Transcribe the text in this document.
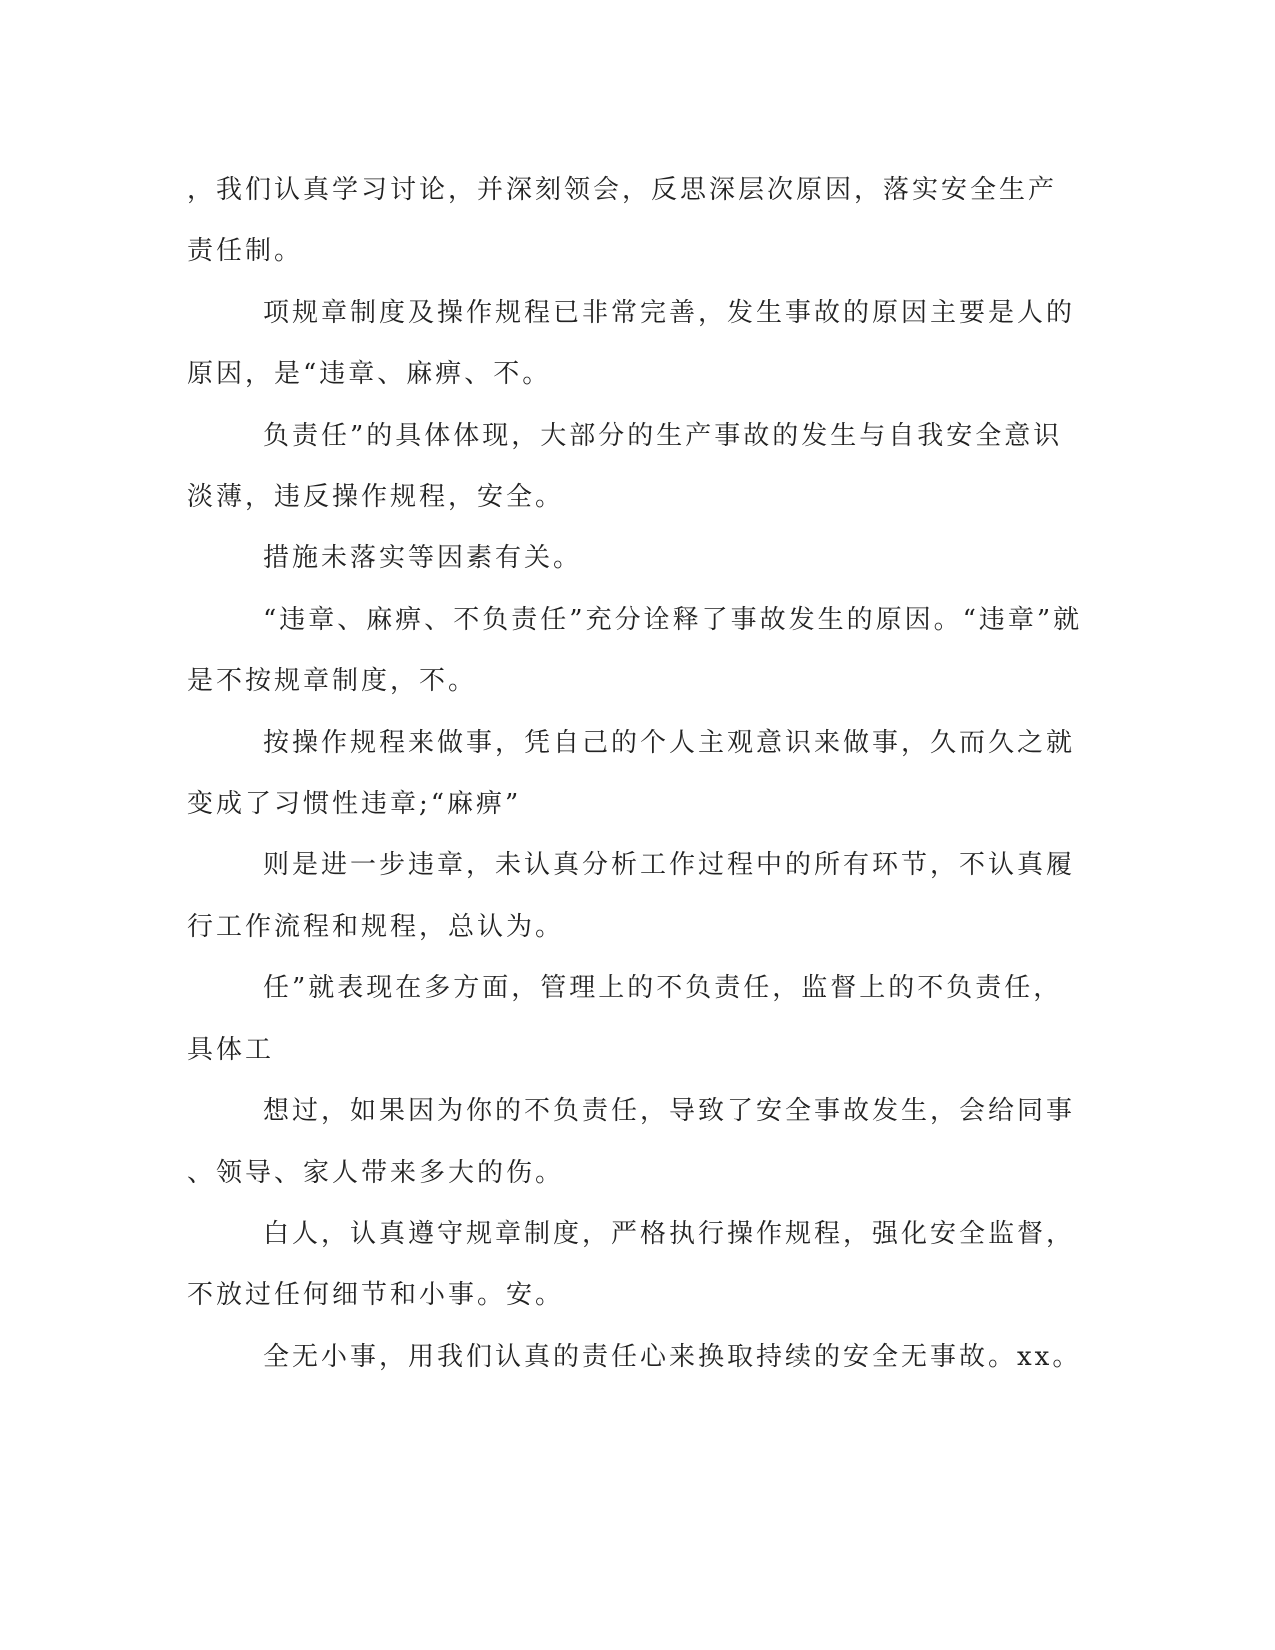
，我们认真学习讨论，并深刻领会，反思深层次原因，落实安全生产

责任制。

项规章制度及操作规程已非常完善，发生事故的原因主要是人的

原因，是“违章、麻痹、不。

负责任”的具体体现，大部分的生产事故的发生与自我安全意识

淡薄，违反操作规程，安全。

措施未落实等因素有关。

“违章、麻痹、不负责任”充分诠释了事故发生的原因。“违章”就

是不按规章制度，不。

按操作规程来做事，凭自己的个人主观意识来做事，久而久之就

变成了习惯性违章;“麻痹”

则是进一步违章，未认真分析工作过程中的所有环节，不认真履

行工作流程和规程，总认为。

任”就表现在多方面，管理上的不负责任，监督上的不负责任，

具体工

想过，如果因为你的不负责任，导致了安全事故发生，会给同事

、领导、家人带来多大的伤。

白人，认真遵守规章制度，严格执行操作规程，强化安全监督，

不放过任何细节和小事。安。

全无小事，用我们认真的责任心来换取持续的安全无事故。xx。
